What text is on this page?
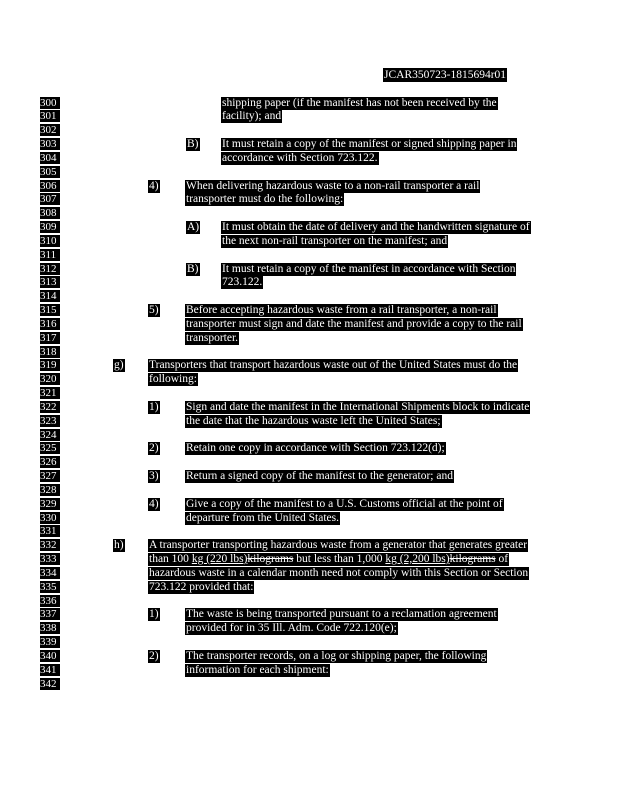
JCAR350723-1815694r01
300
301
302
303
304
305
306
307
308
309
310
311
312
313
314
315
316
317
318
319
320
321
322
323
324
325
326
327
328
329
330
331
332
333
334
335
336
337
338
339
340
341
342
shipping paper (if the manifest has not been received by the
facility); and
B) It must retain a copy of the manifest or signed shipping paper in
accordance with Section 723.122.
4) When delivering hazardous waste to a non-rail transporter a rail
transporter must do the following:
A) It must obtain the date of delivery and the handwritten signature of
the next non-rail transporter on the manifest; and
B) It must retain a copy of the manifest in accordance with Section
723.122.
5) Before accepting hazardous waste from a rail transporter, a non-rail
transporter must sign and date the manifest and provide a copy to the rail
transporter.
g) Transporters that transport hazardous waste out of the United States must do the
following:
1) Sign and date the manifest in the International Shipments block to indicate
the date that the hazardous waste left the United States;
2) Retain one copy in accordance with Section 723.122(d);
3) Return a signed copy of the manifest to the generator; and
4) Give a copy of the manifest to a U.S. Customs official at the point of
departure from the United States.
h) A transporter transporting hazardous waste from a generator that generates greater
than 100 kg (220 lbs)kilograms but less than 1,000 kg (2,200 lbs)kilograms of
hazardous waste in a calendar month need not comply with this Section or Section
723.122 provided that:
1) The waste is being transported pursuant to a reclamation agreement
provided for in 35 Ill. Adm. Code 722.120(e);
2) The transporter records, on a log or shipping paper, the following
information for each shipment:
